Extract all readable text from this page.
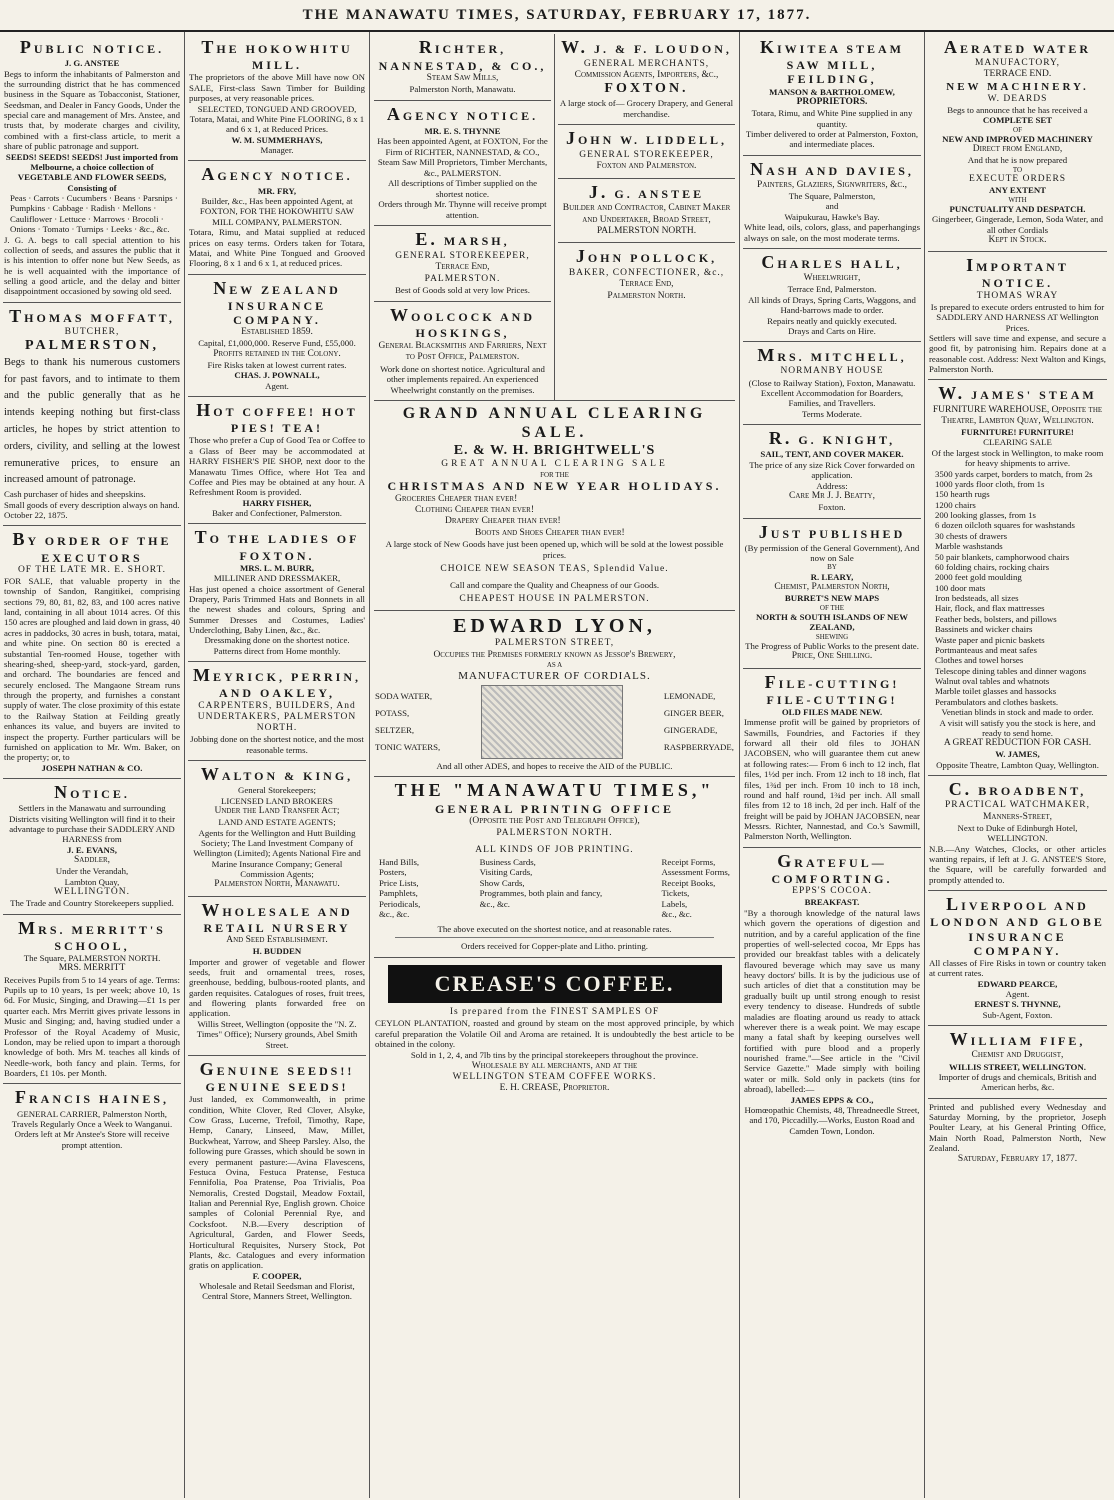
THE MANAWATU TIMES, SATURDAY, FEBRUARY 17, 1877.
PUBLIC NOTICE.
J. G. ANSTEE
Begs to inform the inhabitants of Palmerston and the surrounding district that he has commenced business in the Square as Tobacconist, Stationer, Seedsman, and Dealer in Fancy Goods, Under the special care and management of Mrs. Anstee, and trusts that, by moderate charges and civility, combined with a first-class article, to merit a share of public patronage and support.
SEEDS! SEEDS! SEEDS! Just imported from Melbourne, a choice collection of VEGETABLE AND FLOWER SEEDS, Consisting of
Peas · Carrots · Cucumbers · Beans · Parsnips · Pumpkins · Cabbage · Radish · Mellons · Cauliflower · Lettuce · Marrows · Brocoli · Onions · Tomato · Turnips · Leeks · &c., &c.
J. G. A. begs to call special attention to his collection of seeds, and assures the public that it is his intention to offer none but New Seeds, as he is well acquainted with the importance of selling a good article, and the delay and bitter disappointment occasioned by sowing old seed.
THOMAS MOFFATT,
BUTCHER,
PALMERSTON,
Begs to thank his numerous customers for past favors, and to intimate to them and the public generally that as he intends keeping nothing but first-class articles, he hopes by strict attention to orders, civility, and selling at the lowest remunerative prices, to ensure an increased amount of patronage.
Cash purchaser of hides and sheepskins.
Small goods of every description always on hand.
October 22, 1875.
BY ORDER OF THE EXECUTORS
OF THE LATE MR. E. SHORT.
FOR SALE, that valuable property in the township of Sandon, Rangitikei, comprising sections 79, 80, 81, 82, 83, and 100 acres native land, containing in all about 1014 acres. Of this 150 acres are ploughed and laid down in grass, 40 acres in paddocks, 30 acres in bush, totara, matai, and white pine. On section 80 is erected a substantial Ten-roomed House, together with shearing-shed, sheep-yard, stock-yard, garden, and orchard. The boundaries are fenced and securely enclosed. The Mangaone Stream runs through the property, and furnishes a constant supply of water. The close proximity of this estate to the Railway Station at Feilding greatly enhances its value, and buyers are invited to inspect the property. Further particulars will be furnished on application to Mr. Wm. Baker, on the property; or, to
JOSEPH NATHAN & CO.
NOTICE.
Settlers in the Manawatu and surrounding Districts visiting Wellington will find it to their advantage to purchase their SADDLERY AND HARNESS from
J. E. EVANS,
Saddler,
Under the Verandah,
Lambton Quay,
WELLINGTON.
The Trade and Country Storekeepers supplied.
MRS. MERRITT'S SCHOOL,
The Square, PALMERSTON NORTH.
MRS. MERRITT
Receives Pupils from 5 to 14 years of age. Terms: Pupils up to 10 years, 1s per week; above 10, 1s 6d. For Music, Singing, and Drawing—£1 1s per quarter each. Mrs Merritt gives private lessons in Music and Singing; and, having studied under a Professor of the Royal Academy of Music, London, may be relied upon to impart a thorough knowledge of both. Mrs M. teaches all kinds of Needle-work, both fancy and plain. Terms, for Boarders, £1 10s. per Month.
FRANCIS HAINES,
GENERAL CARRIER, Palmerston North, Travels Regularly Once a Week to Wanganui.
Orders left at Mr Anstee's Store will receive prompt attention.
THE HOKOWHITU MILL.
The proprietors of the above Mill have now ON SALE, First-class Sawn Timber for Building purposes, at very reasonable prices.
SELECTED, TONGUED AND GROOVED, Totara, Matai, and White Pine FLOORING, 8 x 1 and 6 x 1, at Reduced Prices.
W. M. SUMMERHAYS,
Manager.
AGENCY NOTICE.
MR. FRY,
Builder, &c., Has been appointed Agent, at FOXTON, FOR THE HOKOWHITU SAW MILL COMPANY, PALMERSTON.
Totara, Rimu, and Matai supplied at reduced prices on easy terms. Orders taken for Totara, Matai, and White Pine Tongued and Grooved Flooring, 8 x 1 and 6 x 1, at reduced prices.
NEW ZEALAND INSURANCE COMPANY.
Established 1859.
Capital, £1,000,000. Reserve Fund, £55,000.
Profits retained in the Colony.
Fire Risks taken at lowest current rates.
CHAS. J. POWNALL,
Agent.
HOT COFFEE! HOT PIES! TEA!
Those who prefer a Cup of Good Tea or Coffee to a Glass of Beer may be accommodated at HARRY FISHER'S PIE SHOP, next door to the Manawatu Times Office, where Hot Tea and Coffee and Pies may be obtained at any hour. A Refreshment Room is provided.
HARRY FISHER,
Baker and Confectioner, Palmerston.
TO THE LADIES OF FOXTON.
MRS. L. M. BURR,
MILLINER AND DRESSMAKER,
Has just opened a choice assortment of General Drapery, Paris Trimmed Hats and Bonnets in all the newest shades and colours, Spring and Summer Dresses and Costumes, Ladies' Underclothing, Baby Linen, &c., &c.
Dressmaking done on the shortest notice.
Patterns direct from Home monthly.
MEYRICK, PERRIN, AND OAKLEY,
CARPENTERS, BUILDERS, And UNDERTAKERS, PALMERSTON NORTH.
Jobbing done on the shortest notice, and the most reasonable terms.
WALTON & KING,
General Storekeepers;
LICENSED LAND BROKERS
Under the Land Transfer Act;
LAND AND ESTATE AGENTS;
Agents for the Wellington and Hutt Building Society; The Land Investment Company of Wellington (Limited); Agents National Fire and Marine Insurance Company; General Commission Agents;
Palmerston North, Manawatu.
WHOLESALE AND RETAIL NURSERY
And Seed Establishment.
H. BUDDEN
Importer and grower of vegetable and flower seeds, fruit and ornamental trees, roses, greenhouse, bedding, bulbous-rooted plants, and garden requisites. Catalogues of roses, fruit trees, and flowering plants forwarded free on application.
Willis Street, Wellington (opposite the "N. Z. Times" Office); Nursery grounds, Abel Smith Street.
GENUINE SEEDS!! GENUINE SEEDS!
Just landed, ex Commonwealth, in prime condition, White Clover, Red Clover, Alsyke, Cow Grass, Lucerne, Trefoil, Timothy, Rape, Hemp, Canary, Linseed, Maw, Millet, Buckwheat, Yarrow, and Sheep Parsley. Also, the following pure Grasses, which should be sown in every permanent pasture:—Avina Flavescens, Festuca Ovina, Festuca Pratense, Festuca Fennifolia, Poa Pratense, Poa Trivialis, Poa Nemoralis, Crested Dogstail, Meadow Foxtail, Italian and Perennial Rye, English grown. Choice samples of Colonial Perennial Rye, and Cocksfoot. N.B.—Every description of Agricultural, Garden, and Flower Seeds, Horticultural Requisites, Nursery Stock, Pot Plants, &c. Catalogues and every information gratis on application.
F. COOPER,
Wholesale and Retail Seedsman and Florist, Central Store, Manners Street, Wellington.
RICHTER, NANNESTAD, & CO.,
Steam Saw Mills,
Palmerston North, Manawatu.
AGENCY NOTICE.
MR. E. S. THYNNE
Has been appointed Agent, at FOXTON, For the Firm of RICHTER, NANNESTAD, & CO., Steam Saw Mill Proprietors, Timber Merchants, &c., PALMERSTON.
All descriptions of Timber supplied on the shortest notice.
Orders through Mr. Thynne will receive prompt attention.
E. MARSH,
GENERAL STOREKEEPER,
Terrace End,
PALMERSTON.
Best of Goods sold at very low Prices.
WOOLCOCK AND HOSKINGS,
General Blacksmiths and Farriers, Next to Post Office, Palmerston.
Work done on shortest notice. Agricultural and other implements repaired. An experienced Wheelwright constantly on the premises.
W. J. & F. LOUDON,
GENERAL MERCHANTS,
Commission Agents, Importers, &c.,
FOXTON.
A large stock of— Grocery Drapery, and General merchandise.
JOHN W. LIDDELL,
GENERAL STOREKEEPER,
Foxton and Palmerston.
J. G. ANSTEE
Builder and Contractor, Cabinet Maker and Undertaker, Broad Street, PALMERSTON NORTH.
JOHN POLLOCK,
BAKER, CONFECTIONER, &c.,
Terrace End,
Palmerston North.
GRAND ANNUAL CLEARING SALE.
E. & W. H. BRIGHTWELL'S
GREAT ANNUAL CLEARING SALE
FOR THE
CHRISTMAS AND NEW YEAR HOLIDAYS.
Groceries Cheaper than ever!
Clothing Cheaper than ever!
Drapery Cheaper than ever!
Boots and Shoes Cheaper than ever!
A large stock of New Goods have just been opened up, which will be sold at the lowest possible prices.
CHOICE NEW SEASON TEAS, Splendid Value.
Call and compare the Quality and Cheapness of our Goods.
CHEAPEST HOUSE IN PALMERSTON.
EDWARD LYON,
PALMERSTON STREET,
Occupies the Premises formerly known as Jessop's Brewery,
AS A
MANUFACTURER OF CORDIALS.
SODA WATER,
POTASS,
SELTZER,
TONIC WATERS,
LEMONADE,
GINGER BEER,
GINGERADE,
RASPBERRYADE,
And all other ADES, and hopes to receive the AID of the PUBLIC.
THE "MANAWATU TIMES,"
GENERAL PRINTING OFFICE
(Opposite the Post and Telegraph Office),
PALMERSTON NORTH.
ALL KINDS OF JOB PRINTING.
Hand Bills,
Posters,
Price Lists,
Pamphlets,
Periodicals,
&c., &c.
Business Cards,
Visiting Cards,
Show Cards,
Programmes, both plain and fancy,
&c., &c.
Receipt Forms,
Assessment Forms,
Receipt Books,
Tickets,
Labels,
&c., &c.
The above executed on the shortest notice, and at reasonable rates.
Orders received for Copper-plate and Litho. printing.
CREASE'S COFFEE.
Is prepared from the FINEST SAMPLES OF
CEYLON PLANTATION, roasted and ground by steam on the most approved principle, by which careful preparation the Volatile Oil and Aroma are retained. It is undoubtedly the best article to be obtained in the colony.
Sold in 1, 2, 4, and 7lb tins by the principal storekeepers throughout the province.
Wholesale by all merchants, and at the
WELLINGTON STEAM COFFEE WORKS.
E. H. CREASE, Proprietor.
KIWITEA STEAM SAW MILL, FEILDING,
MANSON & BARTHOLOMEW,
PROPRIETORS.
Totara, Rimu, and White Pine supplied in any quantity.
Timber delivered to order at Palmerston, Foxton, and intermediate places.
NASH AND DAVIES,
Painters, Glaziers, Signwriters, &c.,
The Square, Palmerston,
and
Waipukurau, Hawke's Bay.
White lead, oils, colors, glass, and paperhangings always on sale, on the most moderate terms.
CHARLES HALL,
Wheelwright,
Terrace End, Palmerston.
All kinds of Drays, Spring Carts, Waggons, and Hand-barrows made to order.
Repairs neatly and quickly executed.
Drays and Carts on Hire.
MRS. MITCHELL,
NORMANBY HOUSE
(Close to Railway Station), Foxton, Manawatu.
Excellent Accommodation for Boarders, Families, and Travellers.
Terms Moderate.
R. G. KNIGHT,
SAIL, TENT, AND COVER MAKER.
The price of any size Rick Cover forwarded on application.
Address:
Care Mr J. J. Beatty,
Foxton.
JUST PUBLISHED
(By permission of the General Government), And now on Sale
BY
R. LEARY,
Chemist, Palmerston North,
BURRET'S NEW MAPS
OF THE
NORTH & SOUTH ISLANDS OF NEW ZEALAND,
SHEWING
The Progress of Public Works to the present date.
Price, One Shilling.
FILE-CUTTING! FILE-CUTTING!
OLD FILES MADE NEW.
Immense profit will be gained by proprietors of Sawmills, Foundries, and Factories if they forward all their old files to JOHAN JACOBSEN, who will guarantee them cut anew at following rates:— From 6 inch to 12 inch, flat files, 1½d per inch. From 12 inch to 18 inch, flat files, 1¾d per inch. From 10 inch to 18 inch, round and half round, 1¾d per inch. All small files from 12 to 18 inch, 2d per inch. Half of the freight will be paid by JOHAN JACOBSEN, near Messrs. Richter, Nannestad, and Co.'s Sawmill, Palmerston North, Wellington.
GRATEFUL—COMFORTING.
EPPS'S COCOA.
BREAKFAST.
"By a thorough knowledge of the natural laws which govern the operations of digestion and nutrition, and by a careful application of the fine properties of well-selected cocoa, Mr Epps has provided our breakfast tables with a delicately flavoured beverage which may save us many heavy doctors' bills. It is by the judicious use of such articles of diet that a constitution may be gradually built up until strong enough to resist every tendency to disease. Hundreds of subtle maladies are floating around us ready to attack wherever there is a weak point. We may escape many a fatal shaft by keeping ourselves well fortified with pure blood and a properly nourished frame."—See article in the "Civil Service Gazette." Made simply with boiling water or milk. Sold only in packets (tins for abroad), labelled:—
JAMES EPPS & CO.,
Homœopathic Chemists, 48, Threadneedle Street, and 170, Piccadilly.—Works, Euston Road and Camden Town, London.
AERATED WATER
MANUFACTORY,
TERRACE END.
NEW MACHINERY.
W. DEARDS
Begs to announce that he has received a
COMPLETE SET
OF
NEW AND IMPROVED MACHINERY
Direct from England,
And that he is now prepared
TO
EXECUTE ORDERS
ANY EXTENT
WITH
PUNCTUALITY AND DESPATCH.
Gingerbeer, Gingerade, Lemon, Soda Water, and all other Cordials
Kept in Stock.
IMPORTANT NOTICE.
THOMAS WRAY
Is prepared to execute orders entrusted to him for SADDLERY AND HARNESS AT Wellington Prices.
Settlers will save time and expense, and secure a good fit, by patronising him. Repairs done at a reasonable cost. Address: Next Walton and Kings, Palmerston North.
W. JAMES' STEAM
FURNITURE WAREHOUSE, Opposite the Theatre, Lambton Quay, Wellington.
FURNITURE! FURNITURE!
CLEARING SALE
Of the largest stock in Wellington, to make room for heavy shipments to arrive.
3500 yards carpet, borders to match, from 2s
1000 yards floor cloth, from 1s
150 hearth rugs
1200 chairs
200 looking glasses, from 1s
6 dozen oilcloth squares for washstands
30 chests of drawers
Marble washstands
50 pair blankets, camphorwood chairs
60 folding chairs, rocking chairs
2000 feet gold moulding
100 door mats
Iron bedsteads, all sizes
Hair, flock, and flax mattresses
Feather beds, bolsters, and pillows
Bassinets and wicker chairs
Waste paper and picnic baskets
Portmanteaus and meat safes
Clothes and towel horses
Telescope dining tables and dinner wagons
Walnut oval tables and whatnots
Marble toilet glasses and hassocks
Perambulators and clothes baskets.
Venetian blinds in stock and made to order.
A visit will satisfy you the stock is here, and ready to send home.
A GREAT REDUCTION FOR CASH.
W. JAMES,
Opposite Theatre, Lambton Quay, Wellington.
C. BROADBENT,
PRACTICAL WATCHMAKER,
Manners-Street,
Next to Duke of Edinburgh Hotel, WELLINGTON.
N.B.—Any Watches, Clocks, or other articles wanting repairs, if left at J. G. ANSTEE'S Store, the Square, will be carefully forwarded and promptly attended to.
LIVERPOOL AND LONDON AND GLOBE INSURANCE COMPANY.
All classes of Fire Risks in town or country taken at current rates.
EDWARD PEARCE,
Agent.
ERNEST S. THYNNE,
Sub-Agent, Foxton.
WILLIAM FIFE,
Chemist and Druggist,
WILLIS STREET, WELLINGTON.
Importer of drugs and chemicals, British and American herbs, &c.
Printed and published every Wednesday and Saturday Morning, by the proprietor, Joseph Poulter Leary, at his General Printing Office, Main North Road, Palmerston North, New Zealand.
Saturday, February 17, 1877.
